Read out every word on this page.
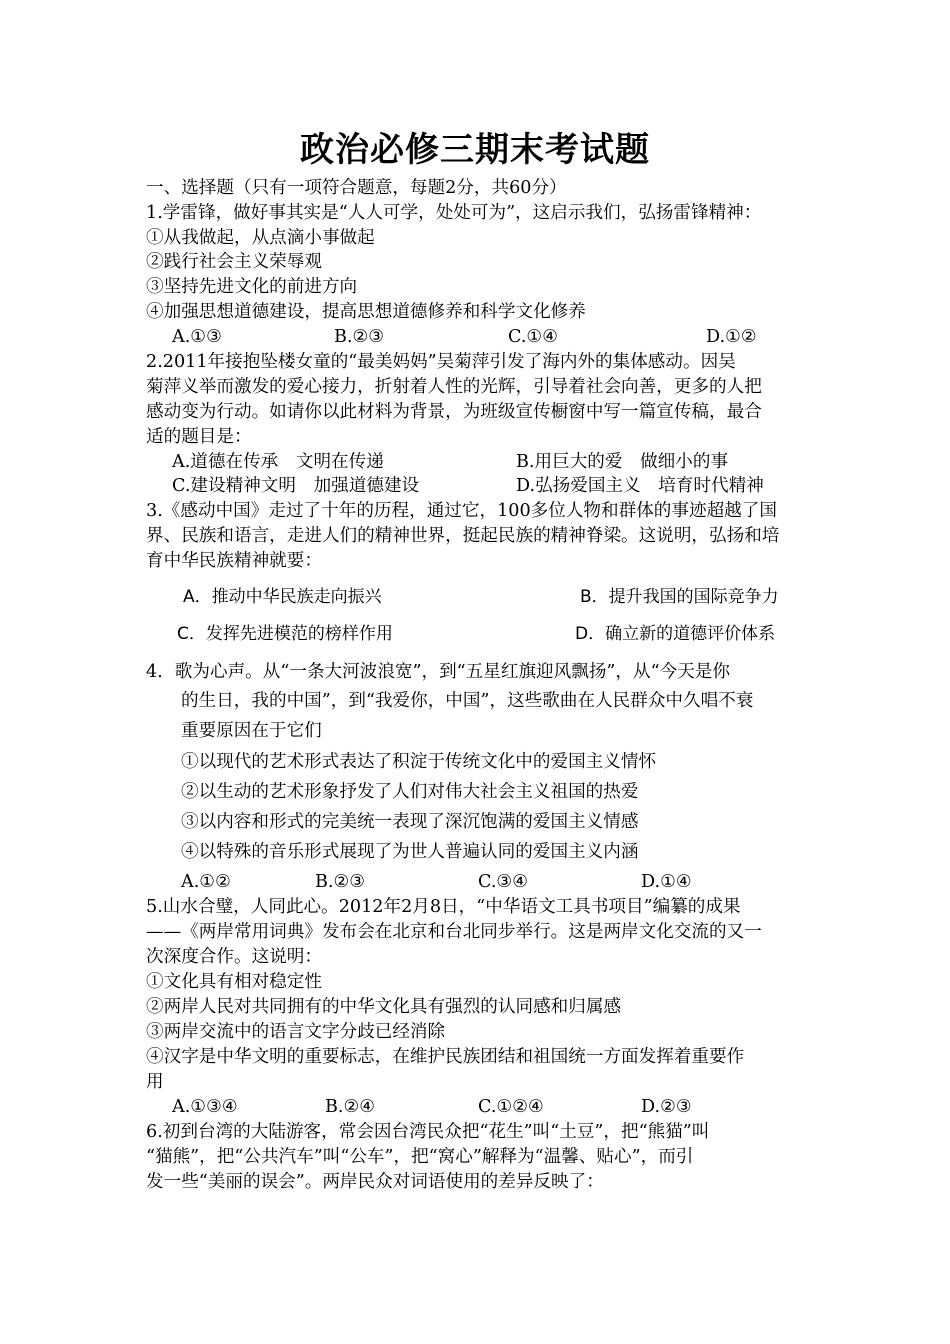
政治必修三期末考试题
一、选择题（只有一项符合题意，每题2分，共60分）
1.学雷锋，做好事其实是“人人可学，处处可为”，这启示我们，弘扬雷锋精神：
①从我做起，从点滴小事做起
②践行社会主义荣辱观
③坚持先进文化的前进方向
④加强思想道德建设，提高思想道德修养和科学文化修养
A.①③	B.②③	C.①④	D.①②
2.2011年接抱坠楼女童的“最美妈妈”吴菊萍引发了海内外的集体感动。因吴
菊萍义举而激发的爱心接力，折射着人性的光辉，引导着社会向善，更多的人把
感动变为行动。如请你以此材料为背景，为班级宣传橱窗中写一篇宣传稿，最合
适的题目是：
A.道德在传承　文明在传递	B.用巨大的爱　做细小的事
C.建设精神文明　加强道德建设	D.弘扬爱国主义　培育时代精神
3.《感动中国》走过了十年的历程，通过它，100多位人物和群体的事迹超越了国
界、民族和语言，走进人们的精神世界，挺起民族的精神脊梁。这说明，弘扬和培
育中华民族精神就要：
A．推动中华民族走向振兴	B．提升我国的国际竞争力
C．发挥先进模范的榜样作用	D．确立新的道德评价体系
4．歌为心声。从“一条大河波浪宽”，到“五星红旗迎风飘扬”，从“今天是你
的生日，我的中国”，到“我爱你，中国”，这些歌曲在人民群众中久唱不衰
重要原因在于它们
①以现代的艺术形式表达了积淀于传统文化中的爱国主义情怀
②以生动的艺术形象抒发了人们对伟大社会主义祖国的热爱
③以内容和形式的完美统一表现了深沉饱满的爱国主义情感
④以特殊的音乐形式展现了为世人普遍认同的爱国主义内涵
A.①②	B.②③	C.③④	D.①④
5.山水合璧，人同此心。2012年2月8日，“中华语文工具书项目”编纂的成果
——《两岸常用词典》发布会在北京和台北同步举行。这是两岸文化交流的又一
次深度合作。这说明：
①文化具有相对稳定性
②两岸人民对共同拥有的中华文化具有强烈的认同感和归属感
③两岸交流中的语言文字分歧已经消除
④汉字是中华文明的重要标志，在维护民族团结和祖国统一方面发挥着重要作
用
A.①③④	B.②④	C.①②④	D.②③
6.初到台湾的大陆游客，常会因台湾民众把“花生”叫“土豆”，把“熊猫”叫
“猫熊”，把“公共汽车”叫“公车”，把“窝心”解释为“温馨、贴心”，而引
发一些“美丽的误会”。两岸民众对词语使用的差异反映了：
